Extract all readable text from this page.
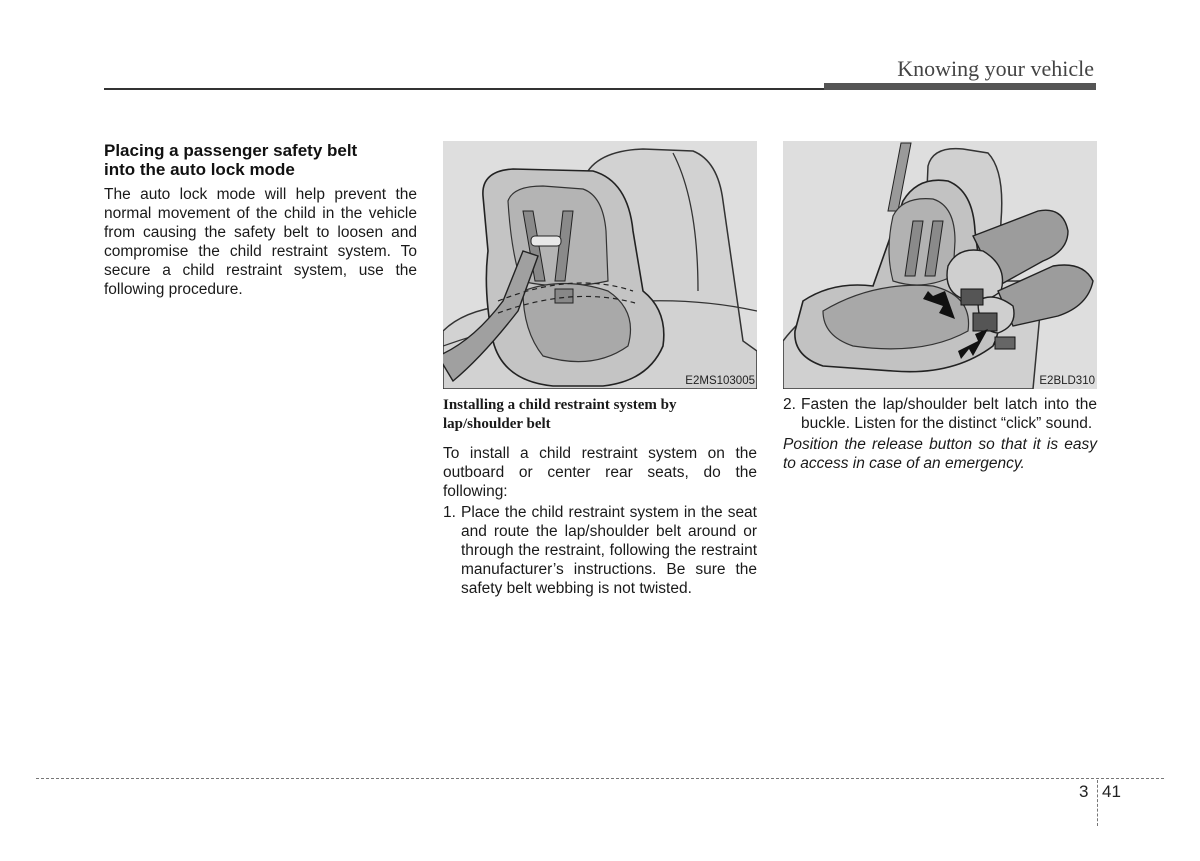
Knowing your vehicle
Placing a passenger safety belt
into the auto lock mode

The auto lock mode will help prevent the normal movement of the child in the vehicle from causing the safety belt to loosen and compromise the child restraint system. To secure a child restraint system, use the following procedure.

E2MS103005
Installing a child restraint system by
lap/shoulder belt

To install a child restraint system on the outboard or center rear seats, do the following:

1. Place the child restraint system in the seat and route the lap/shoulder belt around or through the restraint, following the restraint manufacturer’s instructions. Be sure the safety belt webbing is not twisted.
E2BLD310
2. Fasten the lap/shoulder belt latch into the buckle. Listen for the distinct “click” sound.

Position the release button so that it is easy to access in case of an emergency.

3 41
